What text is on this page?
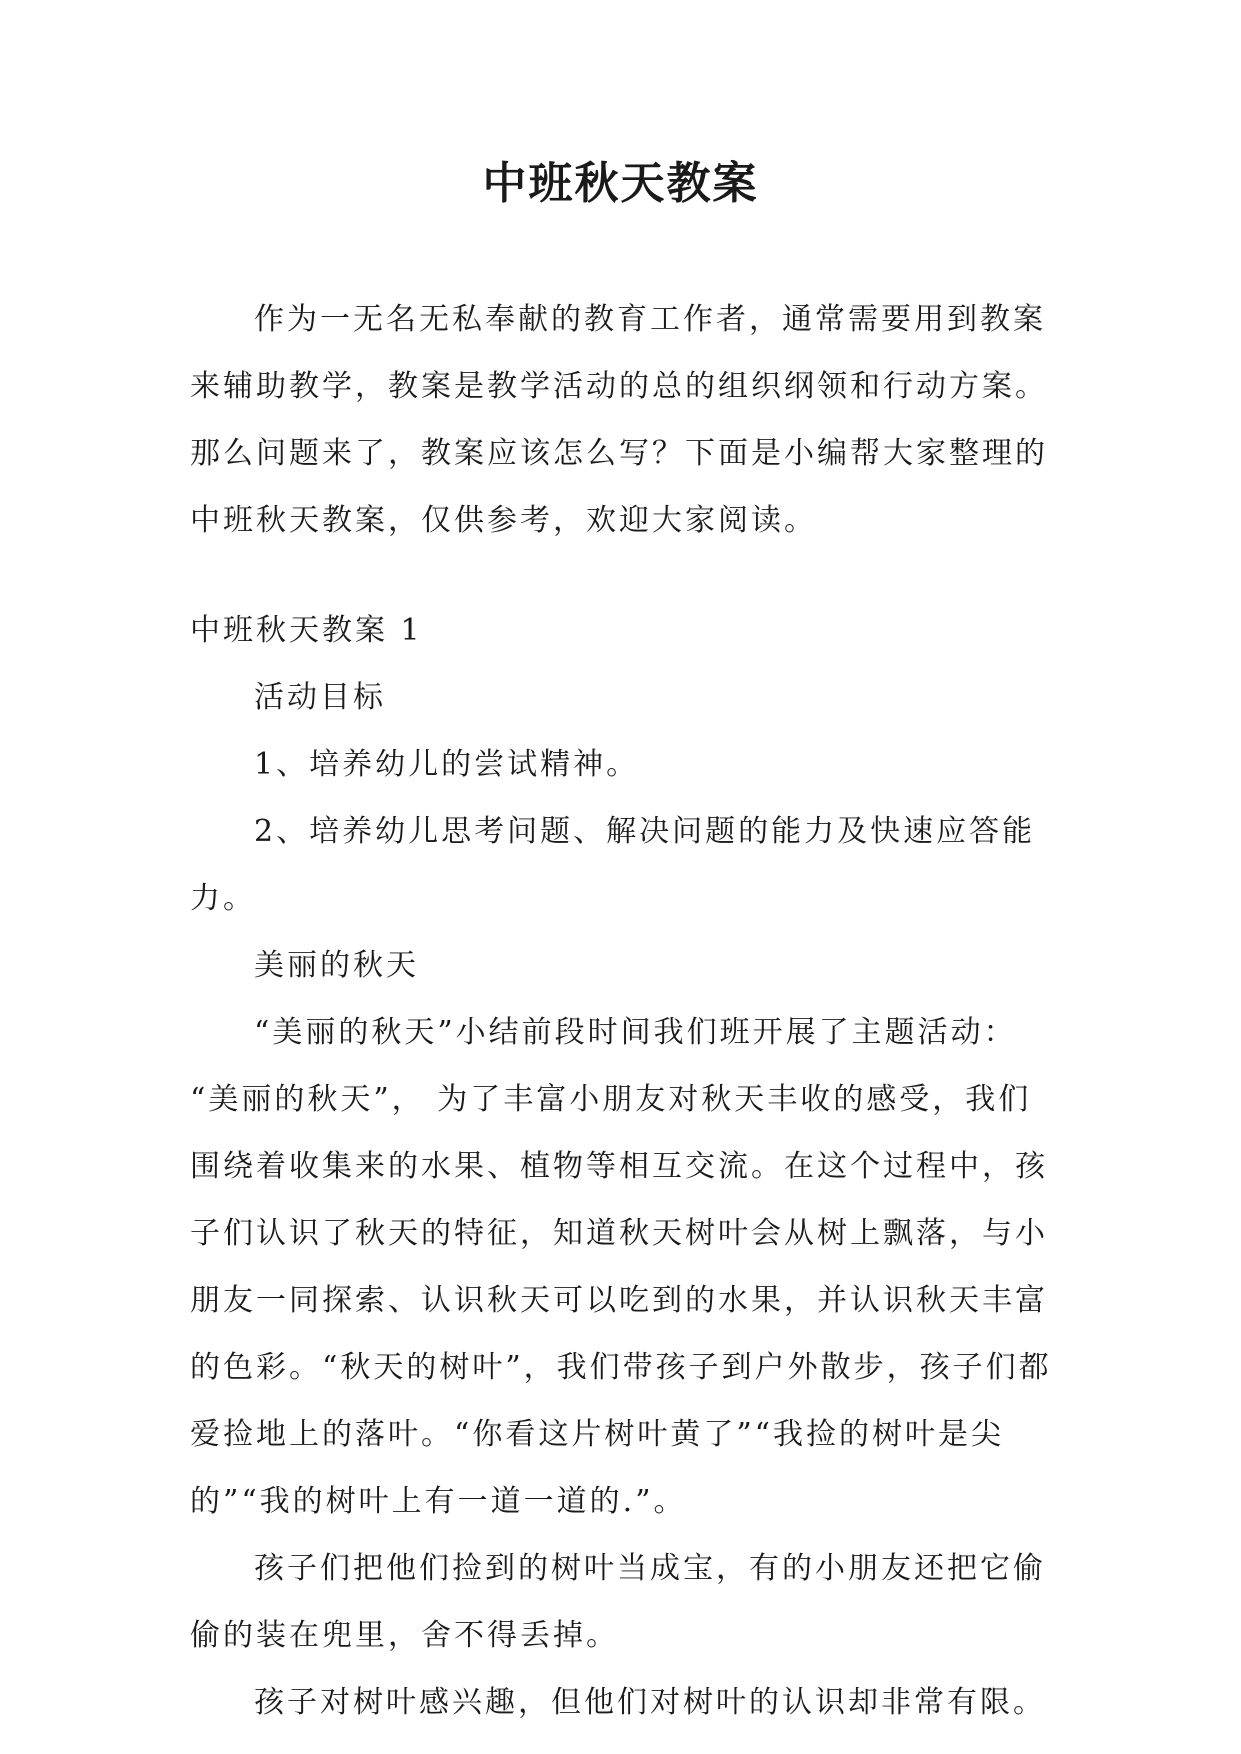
中班秋天教案

作为一无名无私奉献的教育工作者，通常需要用到教案
来辅助教学，教案是教学活动的总的组织纲领和行动方案。
那么问题来了，教案应该怎么写？下面是小编帮大家整理的
中班秋天教案，仅供参考，欢迎大家阅读。

中班秋天教案 1

活动目标

1、培养幼儿的尝试精神。

2、培养幼儿思考问题、解决问题的能力及快速应答能
力。

美丽的秋天

“美丽的秋天”小结前段时间我们班开展了主题活动：
“美丽的秋天”， 为了丰富小朋友对秋天丰收的感受，我们
围绕着收集来的水果、植物等相互交流。在这个过程中，孩
子们认识了秋天的特征，知道秋天树叶会从树上飘落，与小
朋友一同探索、认识秋天可以吃到的水果，并认识秋天丰富
的色彩。“秋天的树叶”，我们带孩子到户外散步，孩子们都
爱捡地上的落叶。“你看这片树叶黄了”“我捡的树叶是尖
的”“我的树叶上有一道一道的.”。

孩子们把他们捡到的树叶当成宝，有的小朋友还把它偷
偷的装在兜里，舍不得丢掉。

孩子对树叶感兴趣，但他们对树叶的认识却非常有限。
